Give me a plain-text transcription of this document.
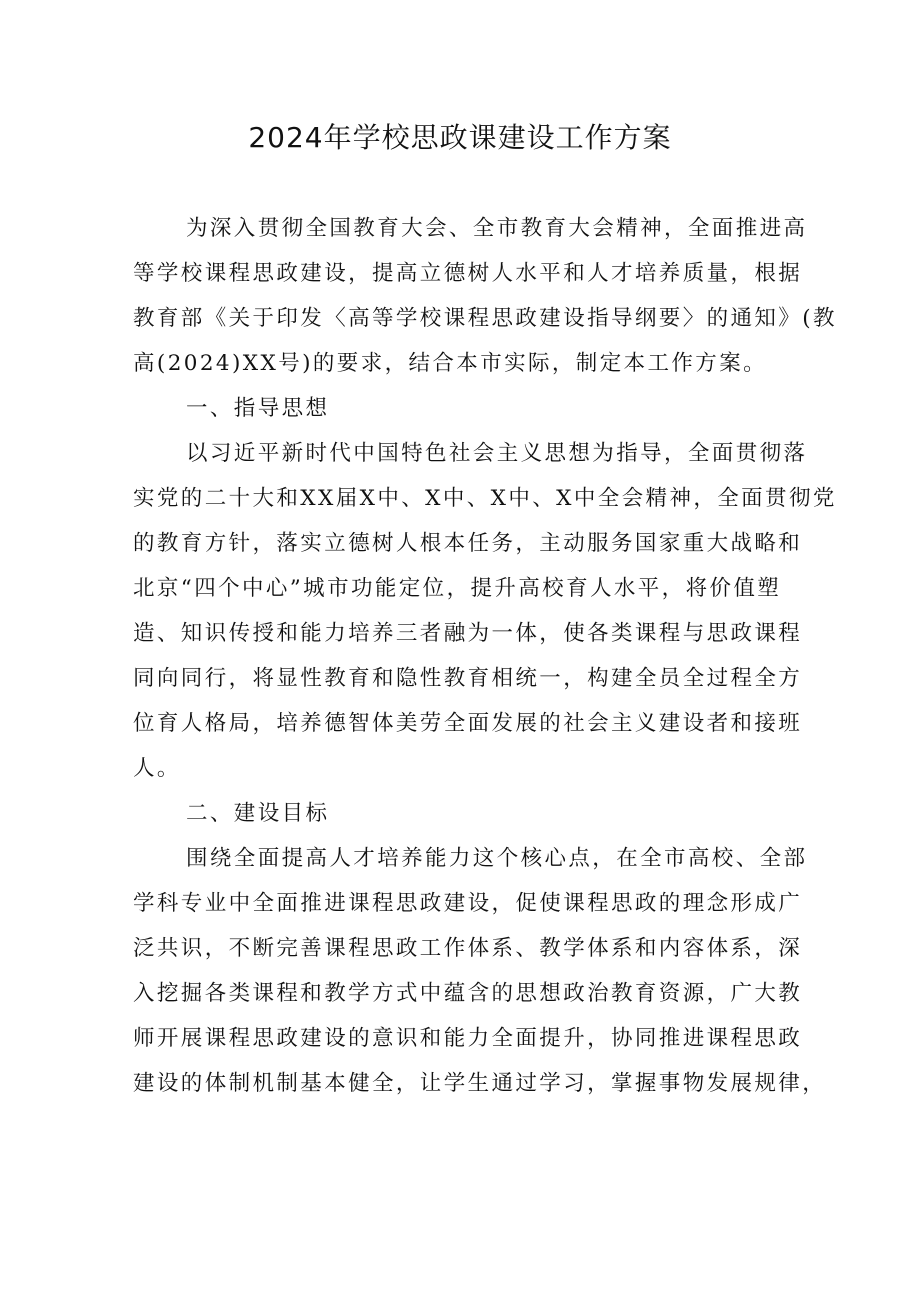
2024年学校思政课建设工作方案
为深入贯彻全国教育大会、全市教育大会精神，全面推进高
等学校课程思政建设，提高立德树人水平和人才培养质量，根据
教育部《关于印发〈高等学校课程思政建设指导纲要〉的通知》(教
高(2024)XX号)的要求，结合本市实际，制定本工作方案。
一、指导思想
以习近平新时代中国特色社会主义思想为指导，全面贯彻落
实党的二十大和XX届X中、X中、X中、X中全会精神，全面贯彻党
的教育方针，落实立德树人根本任务，主动服务国家重大战略和
北京“四个中心”城市功能定位，提升高校育人水平，将价值塑
造、知识传授和能力培养三者融为一体，使各类课程与思政课程
同向同行，将显性教育和隐性教育相统一，构建全员全过程全方
位育人格局，培养德智体美劳全面发展的社会主义建设者和接班
人。
二、建设目标
围绕全面提高人才培养能力这个核心点，在全市高校、全部
学科专业中全面推进课程思政建设，促使课程思政的理念形成广
泛共识，不断完善课程思政工作体系、教学体系和内容体系，深
入挖掘各类课程和教学方式中蕴含的思想政治教育资源，广大教
师开展课程思政建设的意识和能力全面提升，协同推进课程思政
建设的体制机制基本健全，让学生通过学习，掌握事物发展规律，
